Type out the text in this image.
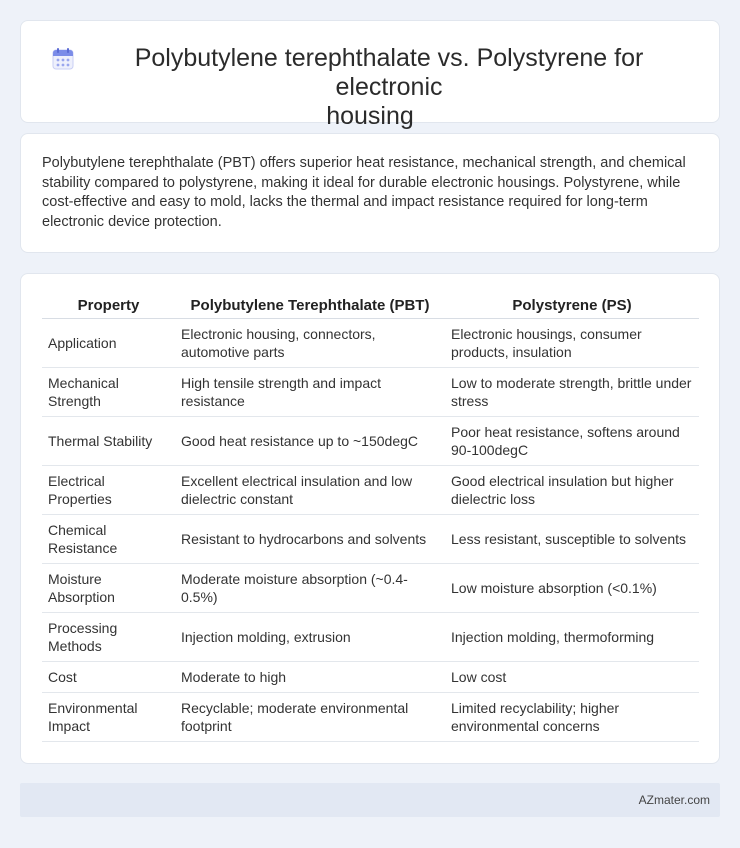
Polybutylene terephthalate vs. Polystyrene for electronic
housing

Polybutylene terephthalate (PBT) offers superior heat resistance, mechanical strength, and chemical stability compared to polystyrene, making it ideal for durable electronic housings. Polystyrene, while cost-effective and easy to mold, lacks the thermal and impact resistance required for long-term electronic device protection.

Property	Polybutylene Terephthalate (PBT)	Polystyrene (PS)
Application	Electronic housing, connectors, automotive parts	Electronic housings, consumer products, insulation
Mechanical Strength	High tensile strength and impact resistance	Low to moderate strength, brittle under stress
Thermal Stability	Good heat resistance up to ~150degC	Poor heat resistance, softens around 90-100degC
Electrical Properties	Excellent electrical insulation and low dielectric constant	Good electrical insulation but higher dielectric loss
Chemical Resistance	Resistant to hydrocarbons and solvents	Less resistant, susceptible to solvents
Moisture Absorption	Moderate moisture absorption (~0.4-0.5%)	Low moisture absorption (<0.1%)
Processing Methods	Injection molding, extrusion	Injection molding, thermoforming
Cost	Moderate to high	Low cost
Environmental Impact	Recyclable; moderate environmental footprint	Limited recyclability; higher environmental concerns
AZmater.com
